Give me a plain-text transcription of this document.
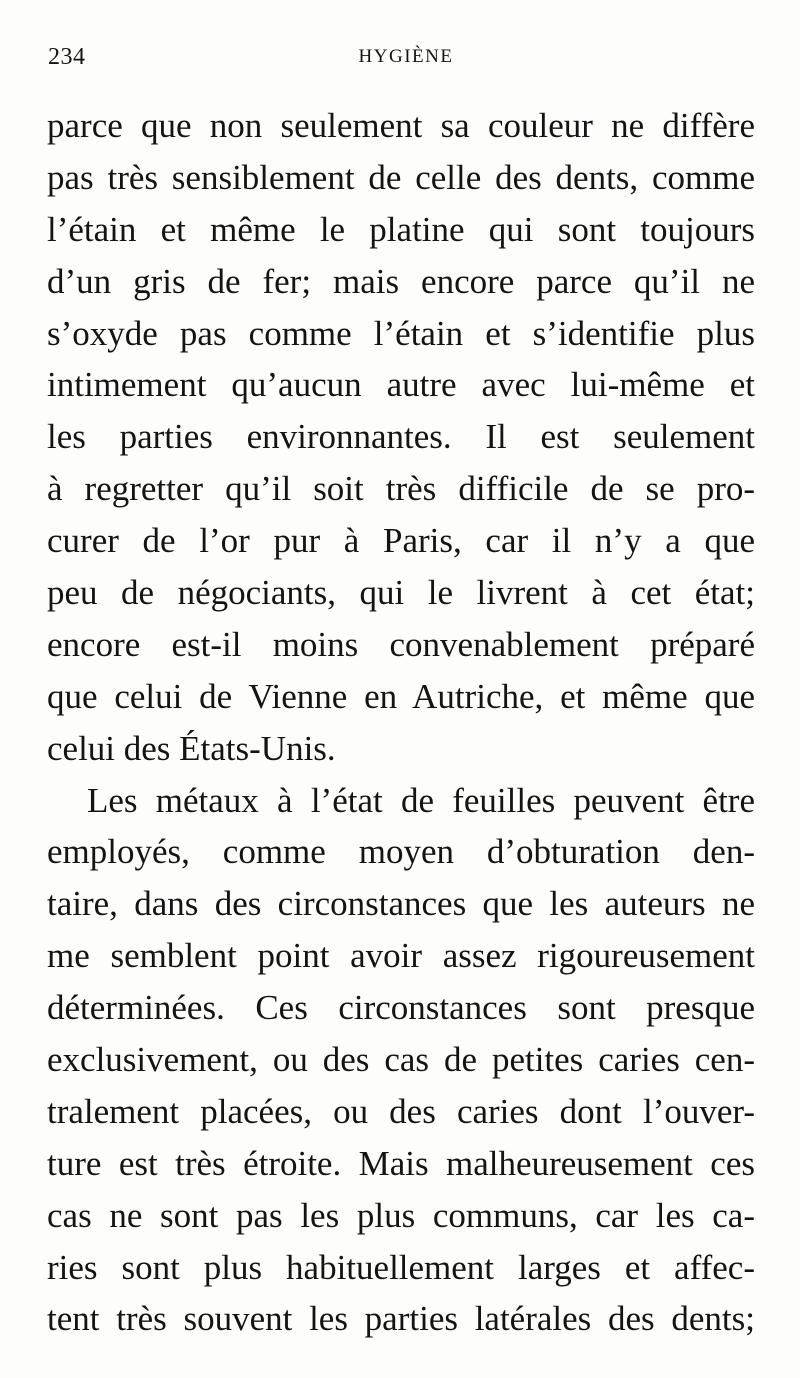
234	HYGIÈNE
parce que non seulement sa couleur ne diffère
pas très sensiblement de celle des dents, comme
l’étain et même le platine qui sont toujours
d’un gris de fer; mais encore parce qu’il ne
s’oxyde pas comme l’étain et s’identifie plus
intimement qu’aucun autre avec lui-même et
les parties environnantes. Il est seulement
à regretter qu’il soit très difficile de se pro-
curer de l’or pur à Paris, car il n’y a que
peu de négociants, qui le livrent à cet état;
encore est-il moins convenablement préparé
que celui de Vienne en Autriche, et même que
celui des États-Unis.
Les métaux à l’état de feuilles peuvent être
employés, comme moyen d’obturation den-
taire, dans des circonstances que les auteurs ne
me semblent point avoir assez rigoureusement
déterminées. Ces circonstances sont presque
exclusivement, ou des cas de petites caries cen-
tralement placées, ou des caries dont l’ouver-
ture est très étroite. Mais malheureusement ces
cas ne sont pas les plus communs, car les ca-
ries sont plus habituellement larges et affec-
tent très souvent les parties latérales des dents;
